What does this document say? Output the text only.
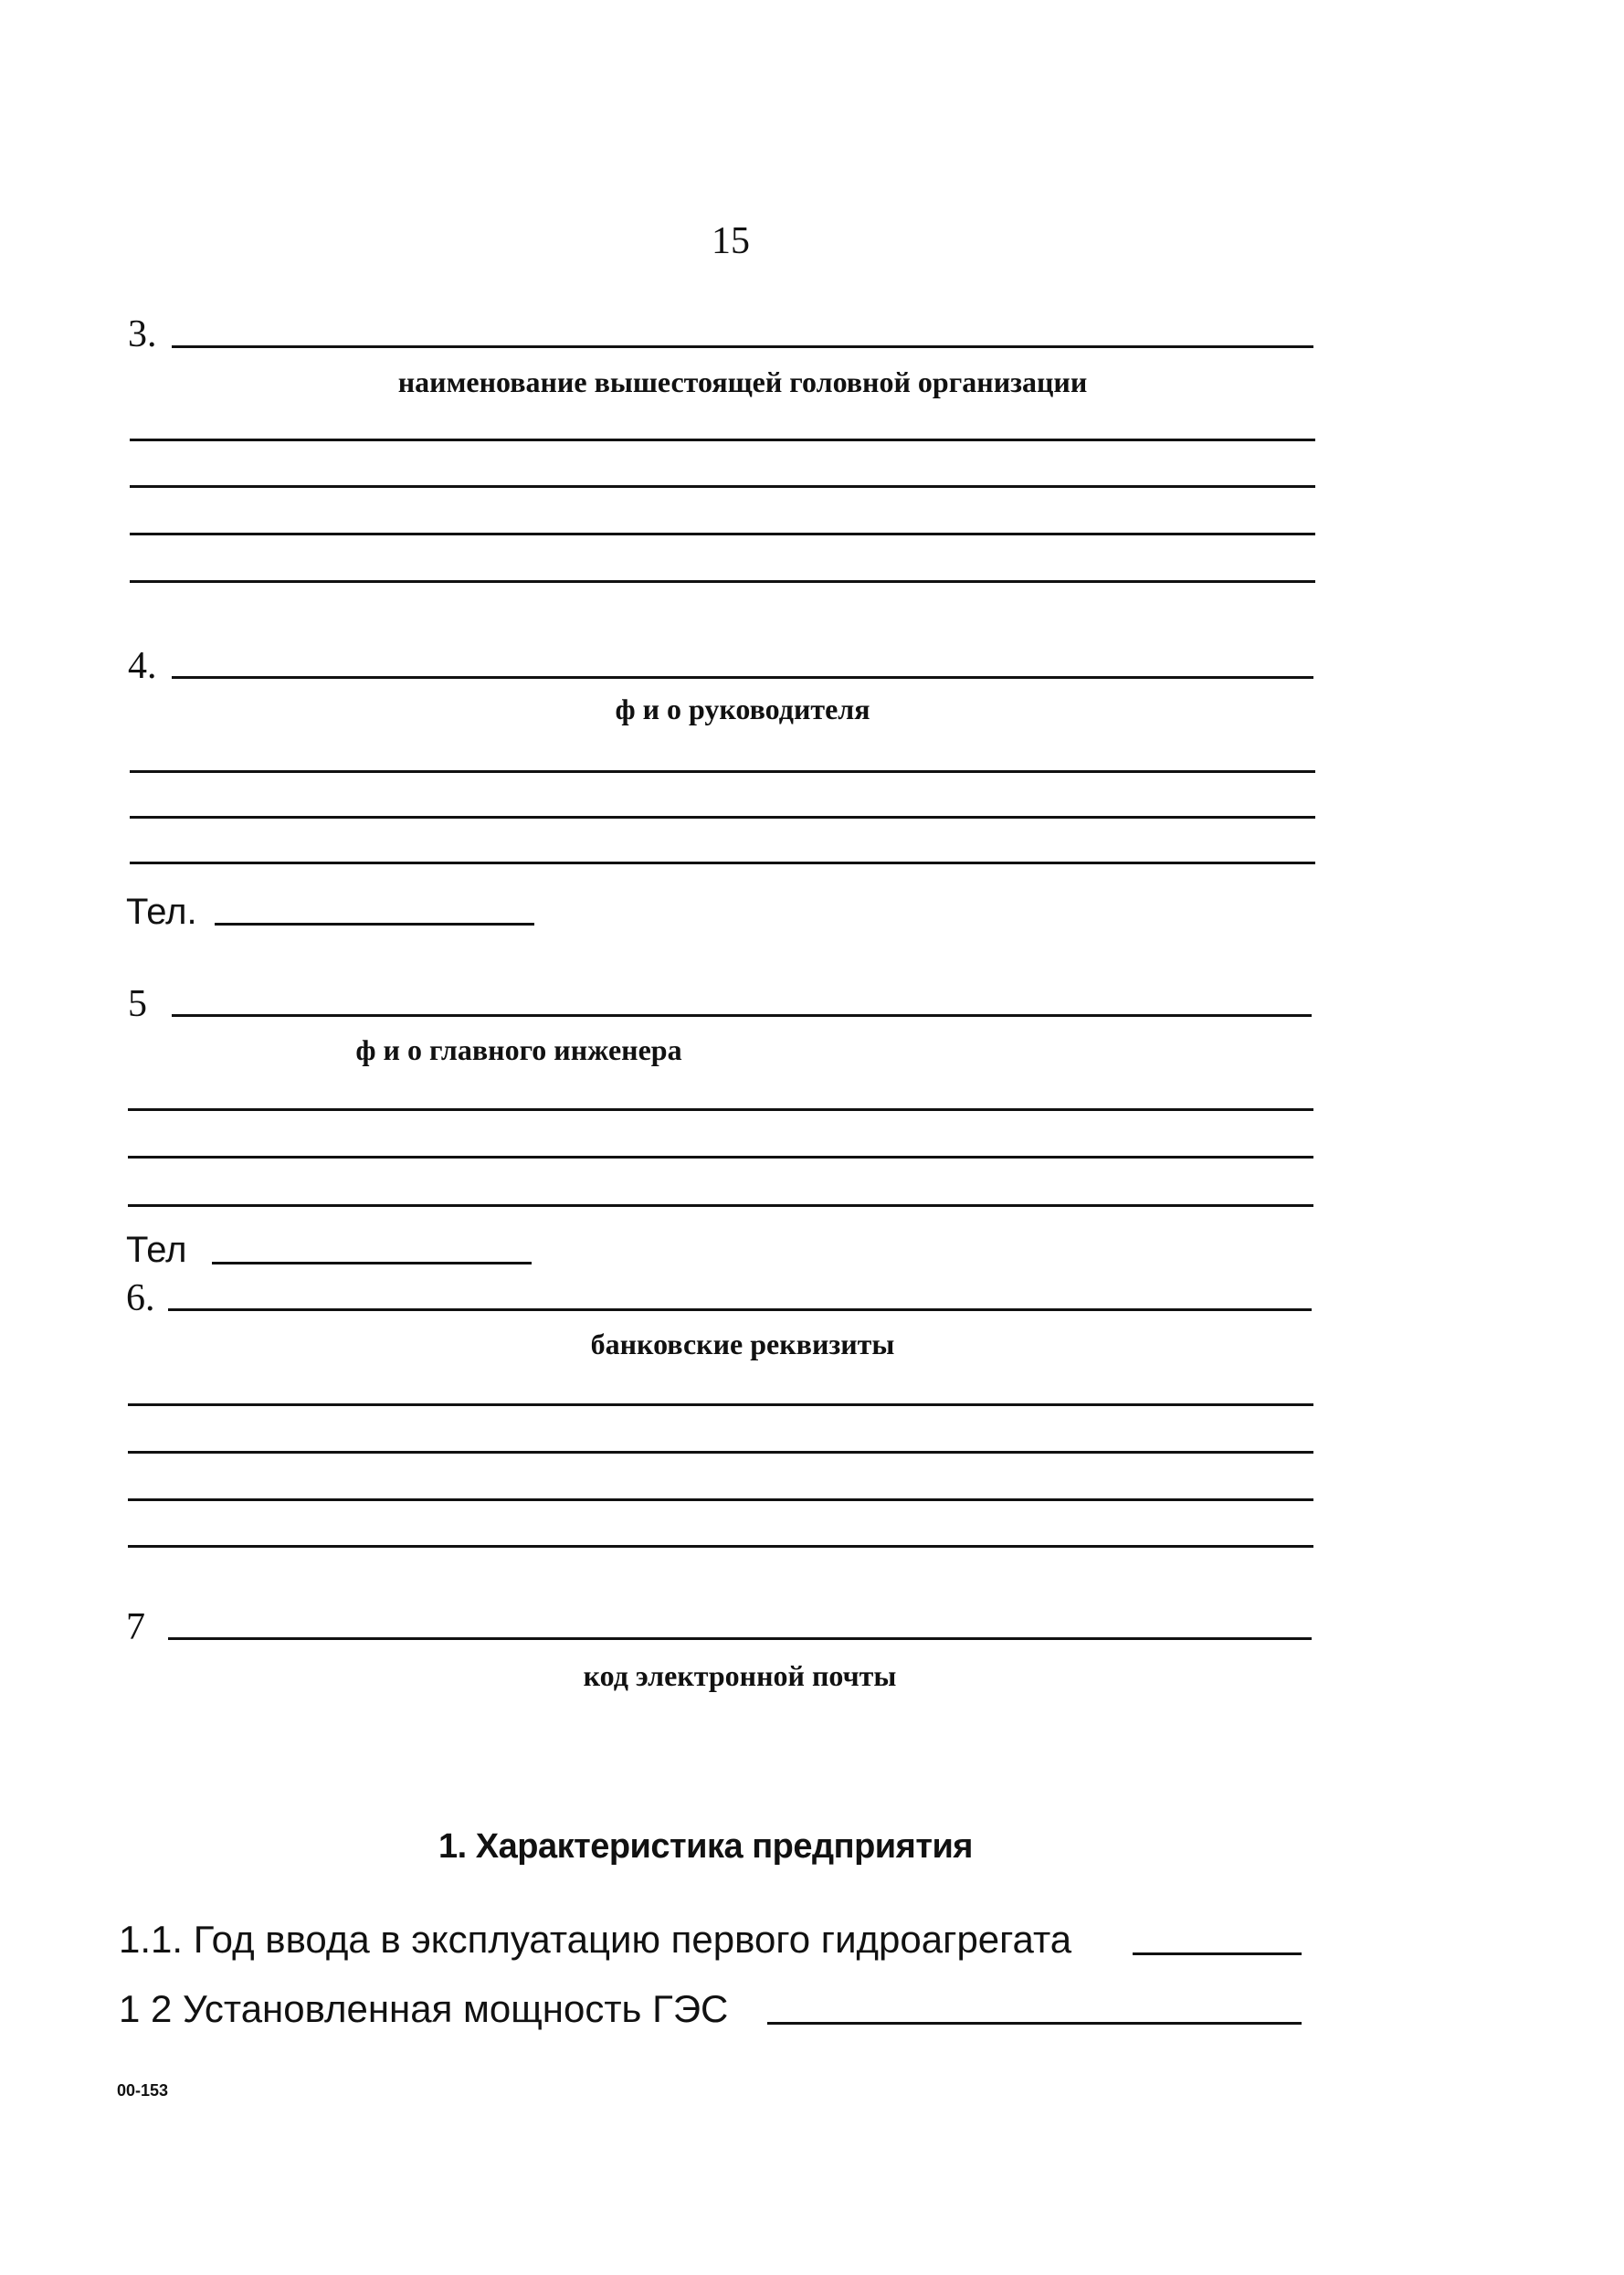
15
3.
наименование вышестоящей головной организации
4.
ф и о руководителя
Тел.
5
ф и о главного инженера
Тел
6.
банковские реквизиты
7
код электронной почты
1. Характеристика предприятия
1.1. Год ввода в эксплуатацию первого гидроагрегата
1 2 Установленная мощность ГЭС
00-153
